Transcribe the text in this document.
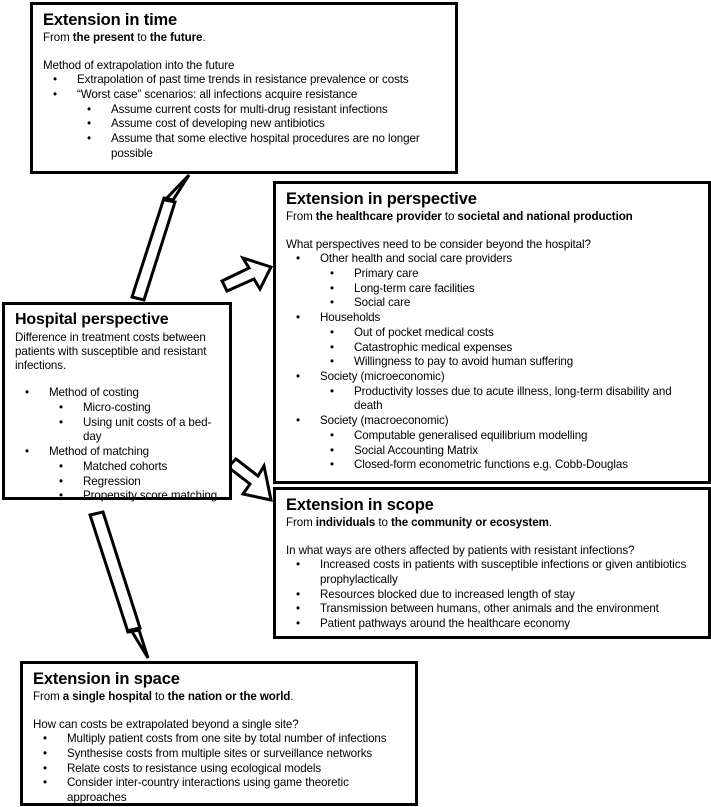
Extension in time
From the present to the future.
Method of extrapolation into the future
•
Extrapolation of past time trends in resistance prevalence or costs
•
“Worst case” scenarios: all infections acquire resistance
•
Assume current costs for multi-drug resistant infections
•
Assume cost of developing new antibiotics
•
Assume that some elective hospital procedures are no longer possible
Extension in perspective
From the healthcare provider to societal and national production
What perspectives need to be consider beyond the hospital?
•
Other health and social care providers
•
Primary care
•
Long-term care facilities
•
Social care
•
Households
•
Out of pocket medical costs
•
Catastrophic medical expenses
•
Willingness to pay to avoid human suffering
•
Society (microeconomic)
•
Productivity losses due to acute illness, long-term disability and death
•
Society (macroeconomic)
•
Computable generalised equilibrium modelling
•
Social Accounting Matrix
•
Closed-form econometric functions e.g. Cobb-Douglas
Hospital perspective
Difference in treatment costs between patients with susceptible and resistant infections.
•
Method of costing
•
Micro-costing
•
Using unit costs of a bed-day
•
Method of matching
•
Matched cohorts
•
Regression
•
Propensity score matching
Extension in scope
From individuals to the community or ecosystem.
In what ways are others affected by patients with resistant infections?
•
Increased costs in patients with susceptible infections or given antibiotics prophylactically
•
Resources blocked due to increased length of stay
•
Transmission between humans, other animals and the environment
•
Patient pathways around the healthcare economy
Extension in space
From a single hospital to the nation or the world.
How can costs be extrapolated beyond a single site?
•
Multiply patient costs from one site by total number of infections
•
Synthesise costs from multiple sites or surveillance networks
•
Relate costs to resistance using ecological models
•
Consider inter-country interactions using game theoretic approaches
